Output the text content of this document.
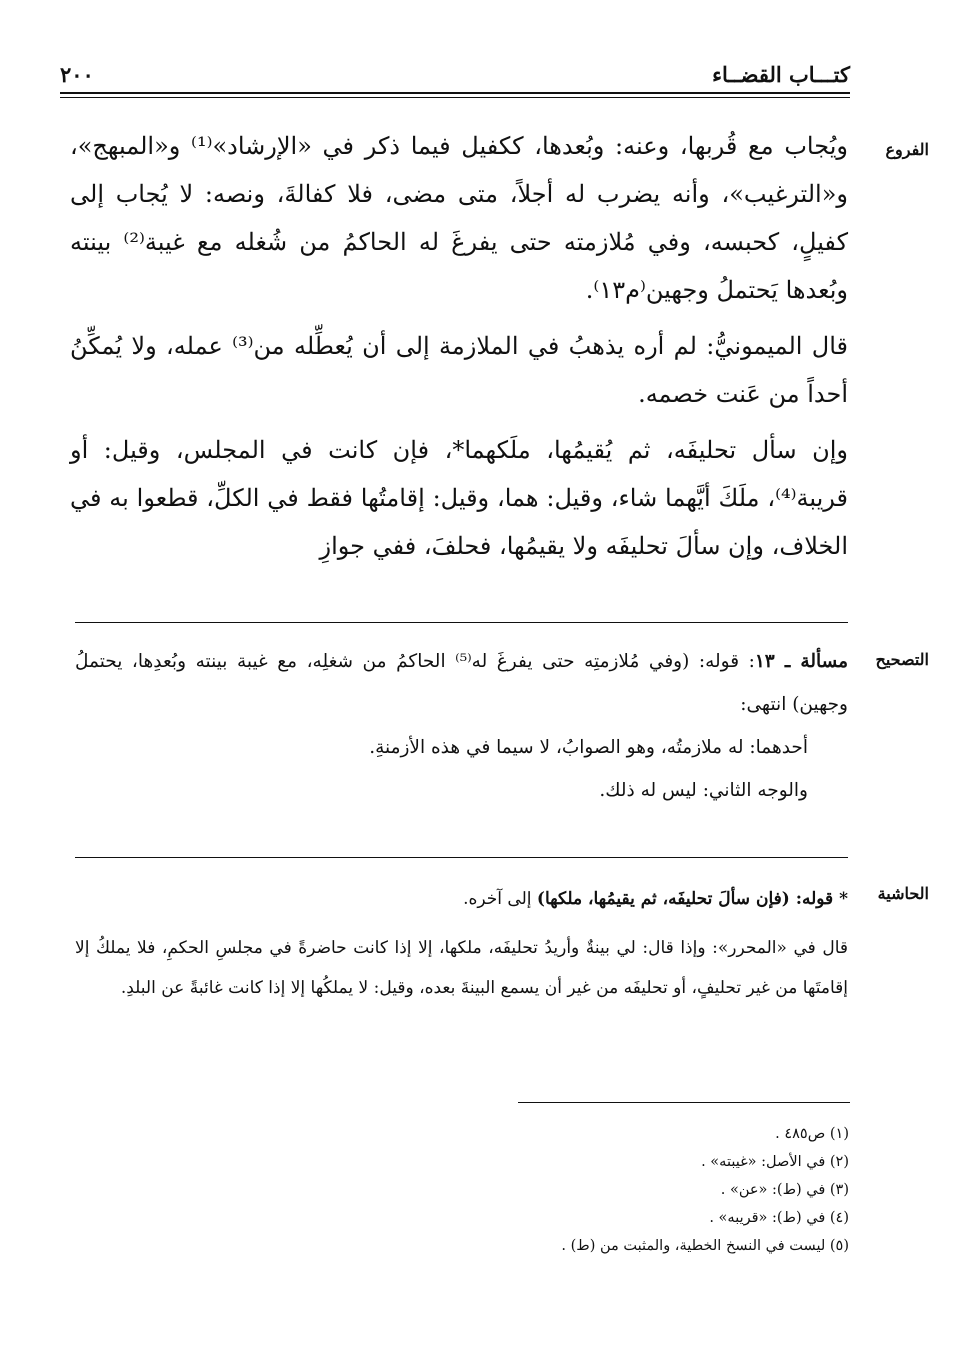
كتـــاب القضــاء
٢٠٠
الفروع

ويُجاب مع قُربها، وعنه: وبُعدها، ككفيل فيما ذكر في «الإرشاد»⁽¹⁾ و«المبهج»، و«الترغيب»، وأنه يضرب له أجلاً، متى مضى، فلا كفالةَ، ونصه: لا يُجاب إلى كفيلٍ، كحبسه، وفي مُلازمته حتى يفرغَ له الحاكمُ من شُغله مع غيبة⁽²⁾ بينته وبُعدها يَحتملُ وجهين⁽م١٣⁾.

قال الميمونيُّ: لم أره يذهبُ في الملازمة إلى أن يُعطِّله من⁽³⁾ عمله، ولا يُمكِّنُ أحداً من عَنت خصمه.

وإن سأل تحليفَه، ثم يُقيمُها، ملَكهما*، فإن كانت في المجلس، وقيل: أو قريبة⁽⁴⁾، ملَكَ أيَّهما شاء، وقيل: هما، وقيل: إقامتُها فقط في الكلِّ، قطعوا به في الخلاف، وإن سألَ تحليفَه ولا يقيمُها، فحلفَ، ففي جوازِ

التصحيح

مسألة ـ ١٣: قوله: (وفي مُلازمتِه حتى يفرغَ له⁽⁵⁾ الحاكمُ من شغلِه، مع غيبة بينته وبُعدِها، يحتملُ وجهين) انتهى:

أحدهما: له ملازمتُه، وهو الصوابُ، لا سيما في هذه الأزمنةِ.

والوجه الثاني: ليس له ذلك.

الحاشية
* قوله: (فإن سألَ تحليفَه، ثم يقيمُها، ملكها) إلى آخره.

قال في «المحرر»: وإذا قال: لي بينةٌ وأريدُ تحليفَه، ملكها، إلا إذا كانت حاضرةً في مجلسِ الحكمِ، فلا يملكُ إلا إقامتَها من غير تحليفٍ، أو تحليفَه من غير أن يسمع البينةَ بعده، وقيل: لا يملكُها إلا إذا كانت غائبةً عن البلدِ.

(١) ص٤٨٥ .
(٢) في الأصل: «غيبته» .
(٣) في (ط): «عن» .
(٤) في (ط): «قريبه» .
(٥) ليست في النسخ الخطية، والمثبت من (ط) .
